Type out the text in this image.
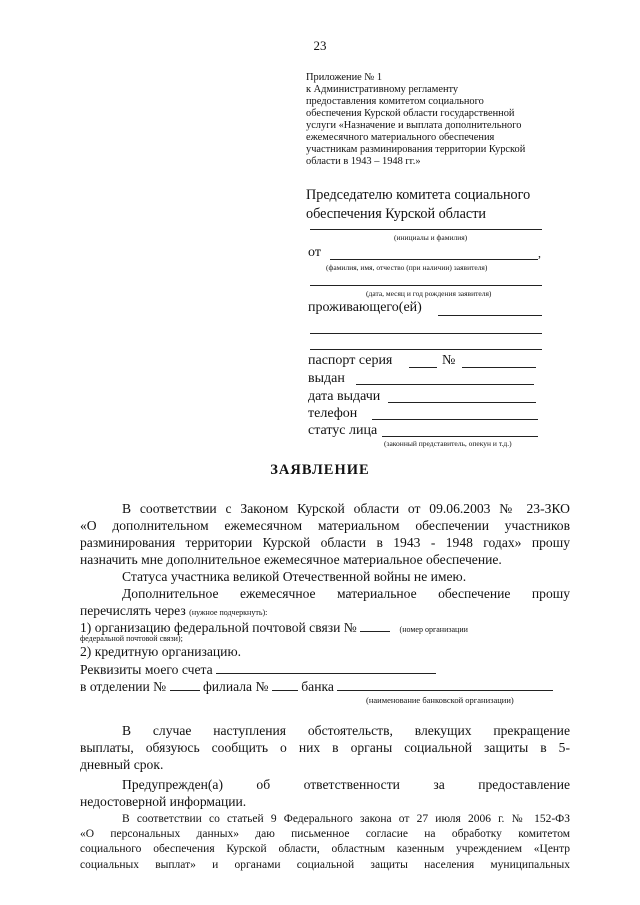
23
Приложение № 1
к Административному регламенту
предоставления комитетом социального
обеспечения Курской области государственной
услуги «Назначение и выплата дополнительного
ежемесячного материального обеспечения
участникам разминирования территории Курской
области в 1943 – 1948 гг.»
Председателю комитета социального
обеспечения Курской области
(инициалы и фамилия)
от	,
(фамилия, имя, отчество (при наличии) заявителя)
(дата, месяц и год рождения заявителя)
проживающего(ей)
паспорт серия	№
выдан
дата выдачи
телефон
статус лица
(законный представитель, опекун и т.д.)
ЗАЯВЛЕНИЕ
В соответствии с Законом Курской области от 09.06.2003 № 23-ЗКО
«О дополнительном ежемесячном материальном обеспечении участников
разминирования территории Курской области в 1943 - 1948 годах» прошу
назначить мне дополнительное ежемесячное материальное обеспечение.
Статуса участника великой Отечественной войны не имею.
Дополнительное ежемесячное материальное обеспечение прошу
перечислять через (нужное подчеркнуть):
1) организацию федеральной почтовой связи №	(номер организации
федеральной почтовой связи);
2) кредитную организацию.
Реквизиты моего счета
в отделении №	филиала № банка
(наименование банковской организации)
В случае наступления обстоятельств, влекущих прекращение
выплаты, обязуюсь сообщить о них в органы социальной защиты в 5-
дневный срок.
Предупрежден(а) об ответственности за предоставление
недостоверной информации.
В соответствии со статьей 9 Федерального закона от 27 июля 2006 г. № 152-ФЗ
«О персональных данных» даю письменное согласие на обработку комитетом
социального обеспечения Курской области, областным казенным учреждением «Центр
социальных выплат» и органами социальной защиты населения муниципальных
